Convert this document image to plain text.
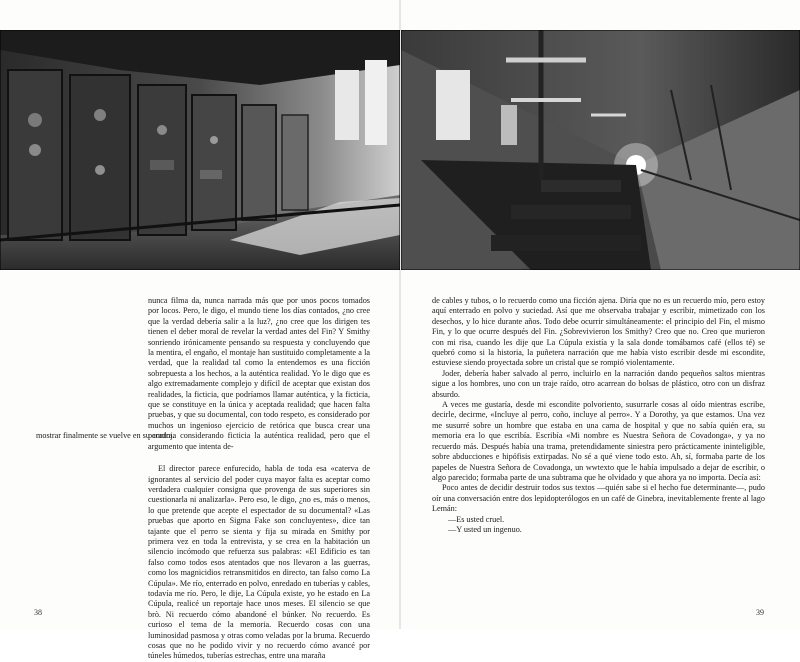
nunca filma da, nunca narrada más que por unos pocos tomados por locos. Pero, le digo, el mundo tiene los días contados, ¿no cree que la verdad debería salir a la luz?, ¿no cree que los dirigen tes tienen el deber moral de revelar la verdad antes del Fin? Y Smithy sonriendo irónicamente pensando su respuesta y concluyendo que la mentira, el engaño, el montaje han sustituido completamente a la verdad, que la realidad tal como la entendemos es una ficción sobrepuesta a los hechos, a la auténtica realidad. Yo le digo que es algo extremadamente complejo y difícil de aceptar que existan dos realidades, la ficticia, que podríamos llamar auténtica, y la ficticia, que se constituye en la única y aceptada realidad; que hacen falta pruebas, y que su documental, con todo respeto, es considerado por muchos un ingenioso ejercicio de retórica que busca crear una paradoja considerando ficticia la auténtica realidad, pero que el argumento que intenta de-

El director parece enfurecido, habla de toda esa «caterva de ignorantes al servicio del poder cuya mayor falta es aceptar como verdadera cualquier consigna que provenga de sus superiores sin cuestionarla ni analizarla». Pero eso, le digo, ¿no es, más o menos, lo que pretende que acepte el espectador de su documental? «Las pruebas que aporto en Sigma Fake son concluyentes», dice tan tajante que el perro se sienta y fija su mirada en Smithy por primera vez en toda la entrevista, y se crea en la habitación un silencio incómodo que refuerza sus palabras: «El Edificio es tan falso como todos esos atentados que nos llevaron a las guerras, como los magnicidios retransmitidos en directo, tan falso como La Cúpula». Me río, enterrado en polvo, enredado en tuberías y cables, todavía me río. Pero, le dije, La Cúpula existe, yo he estado en La Cúpula, realicé un reportaje hace unos meses. El silencio se que brò. Ni recuerdo cómo abandoné el búnker. No recuerdo. Es curioso el tema de la memoria. Recuerdo cosas con una luminosidad pasmosa y otras como veladas por la bruma. Recuerdo cosas que no he podido vivir y no recuerdo cómo avancé por túneles húmedos, tuberías estrechas, entre una maraña

mostrar finalmente se vuelve en su contra.

de cables y tubos, o lo recuerdo como una ficción ajena. Diría que no es un recuerdo mío, pero estoy aquí enterrado en polvo y suciedad. Así que me observaba trabajar y escribir, mimetizado con los desechos, y lo hice durante años. Todo debe ocurrir simultáneamente: el principio del Fin, el mismo Fin, y lo que ocurre después del Fin. ¿Sobrevivieron los Smithy? Creo que no. Creo que murieron con mi risa, cuando les dije que La Cúpula existía y la sala donde tomábamos café (ellos té) se quebró como si la historia, la puñetera narración que me había visto escribir desde mi escondite, estuviese siendo proyectada sobre un cristal que se rompió violentamente.

Joder, debería haber salvado al perro, incluirlo en la narración dando pequeños saltos mientras sigue a los hombres, uno con un traje raído, otro acarrean do bolsas de plástico, otro con un disfraz absurdo.

A veces me gustaría, desde mi escondite polvoriento, susurrarle cosas al oído mientras escribe, decirle, decirme, «Incluye al perro, coño, incluye al perro». Y a Dorothy, ya que estamos. Una vez me susurré sobre un hombre que estaba en una cama de hospital y que no sabía quién era, su memoria era lo que escribía. Escribía «Mi nombre es Nuestra Señora de Covadonga», y ya no recuerdo más. Después había una trama, pretendidamente siniestra pero prácticamente ininteligible, sobre abducciones e hipófisis extirpadas. No sé a qué viene todo esto. Ah, sí, formaba parte de los papeles de Nuestra Señora de Covadonga, un wwtexto que le había impulsado a dejar de escribir, o algo parecido; formaba parte de una subtrama que he olvidado y que ahora ya no importa. Decía así:

Poco antes de decidir destruir todos sus textos —quién sabe si el hecho fue determinante—, pudo oír una conversación entre dos lepidopterólogos en un café de Ginebra, inevitablemente frente al lago Lemán:

—Es usted cruel.

—Y usted un ingenuo.

38	39
